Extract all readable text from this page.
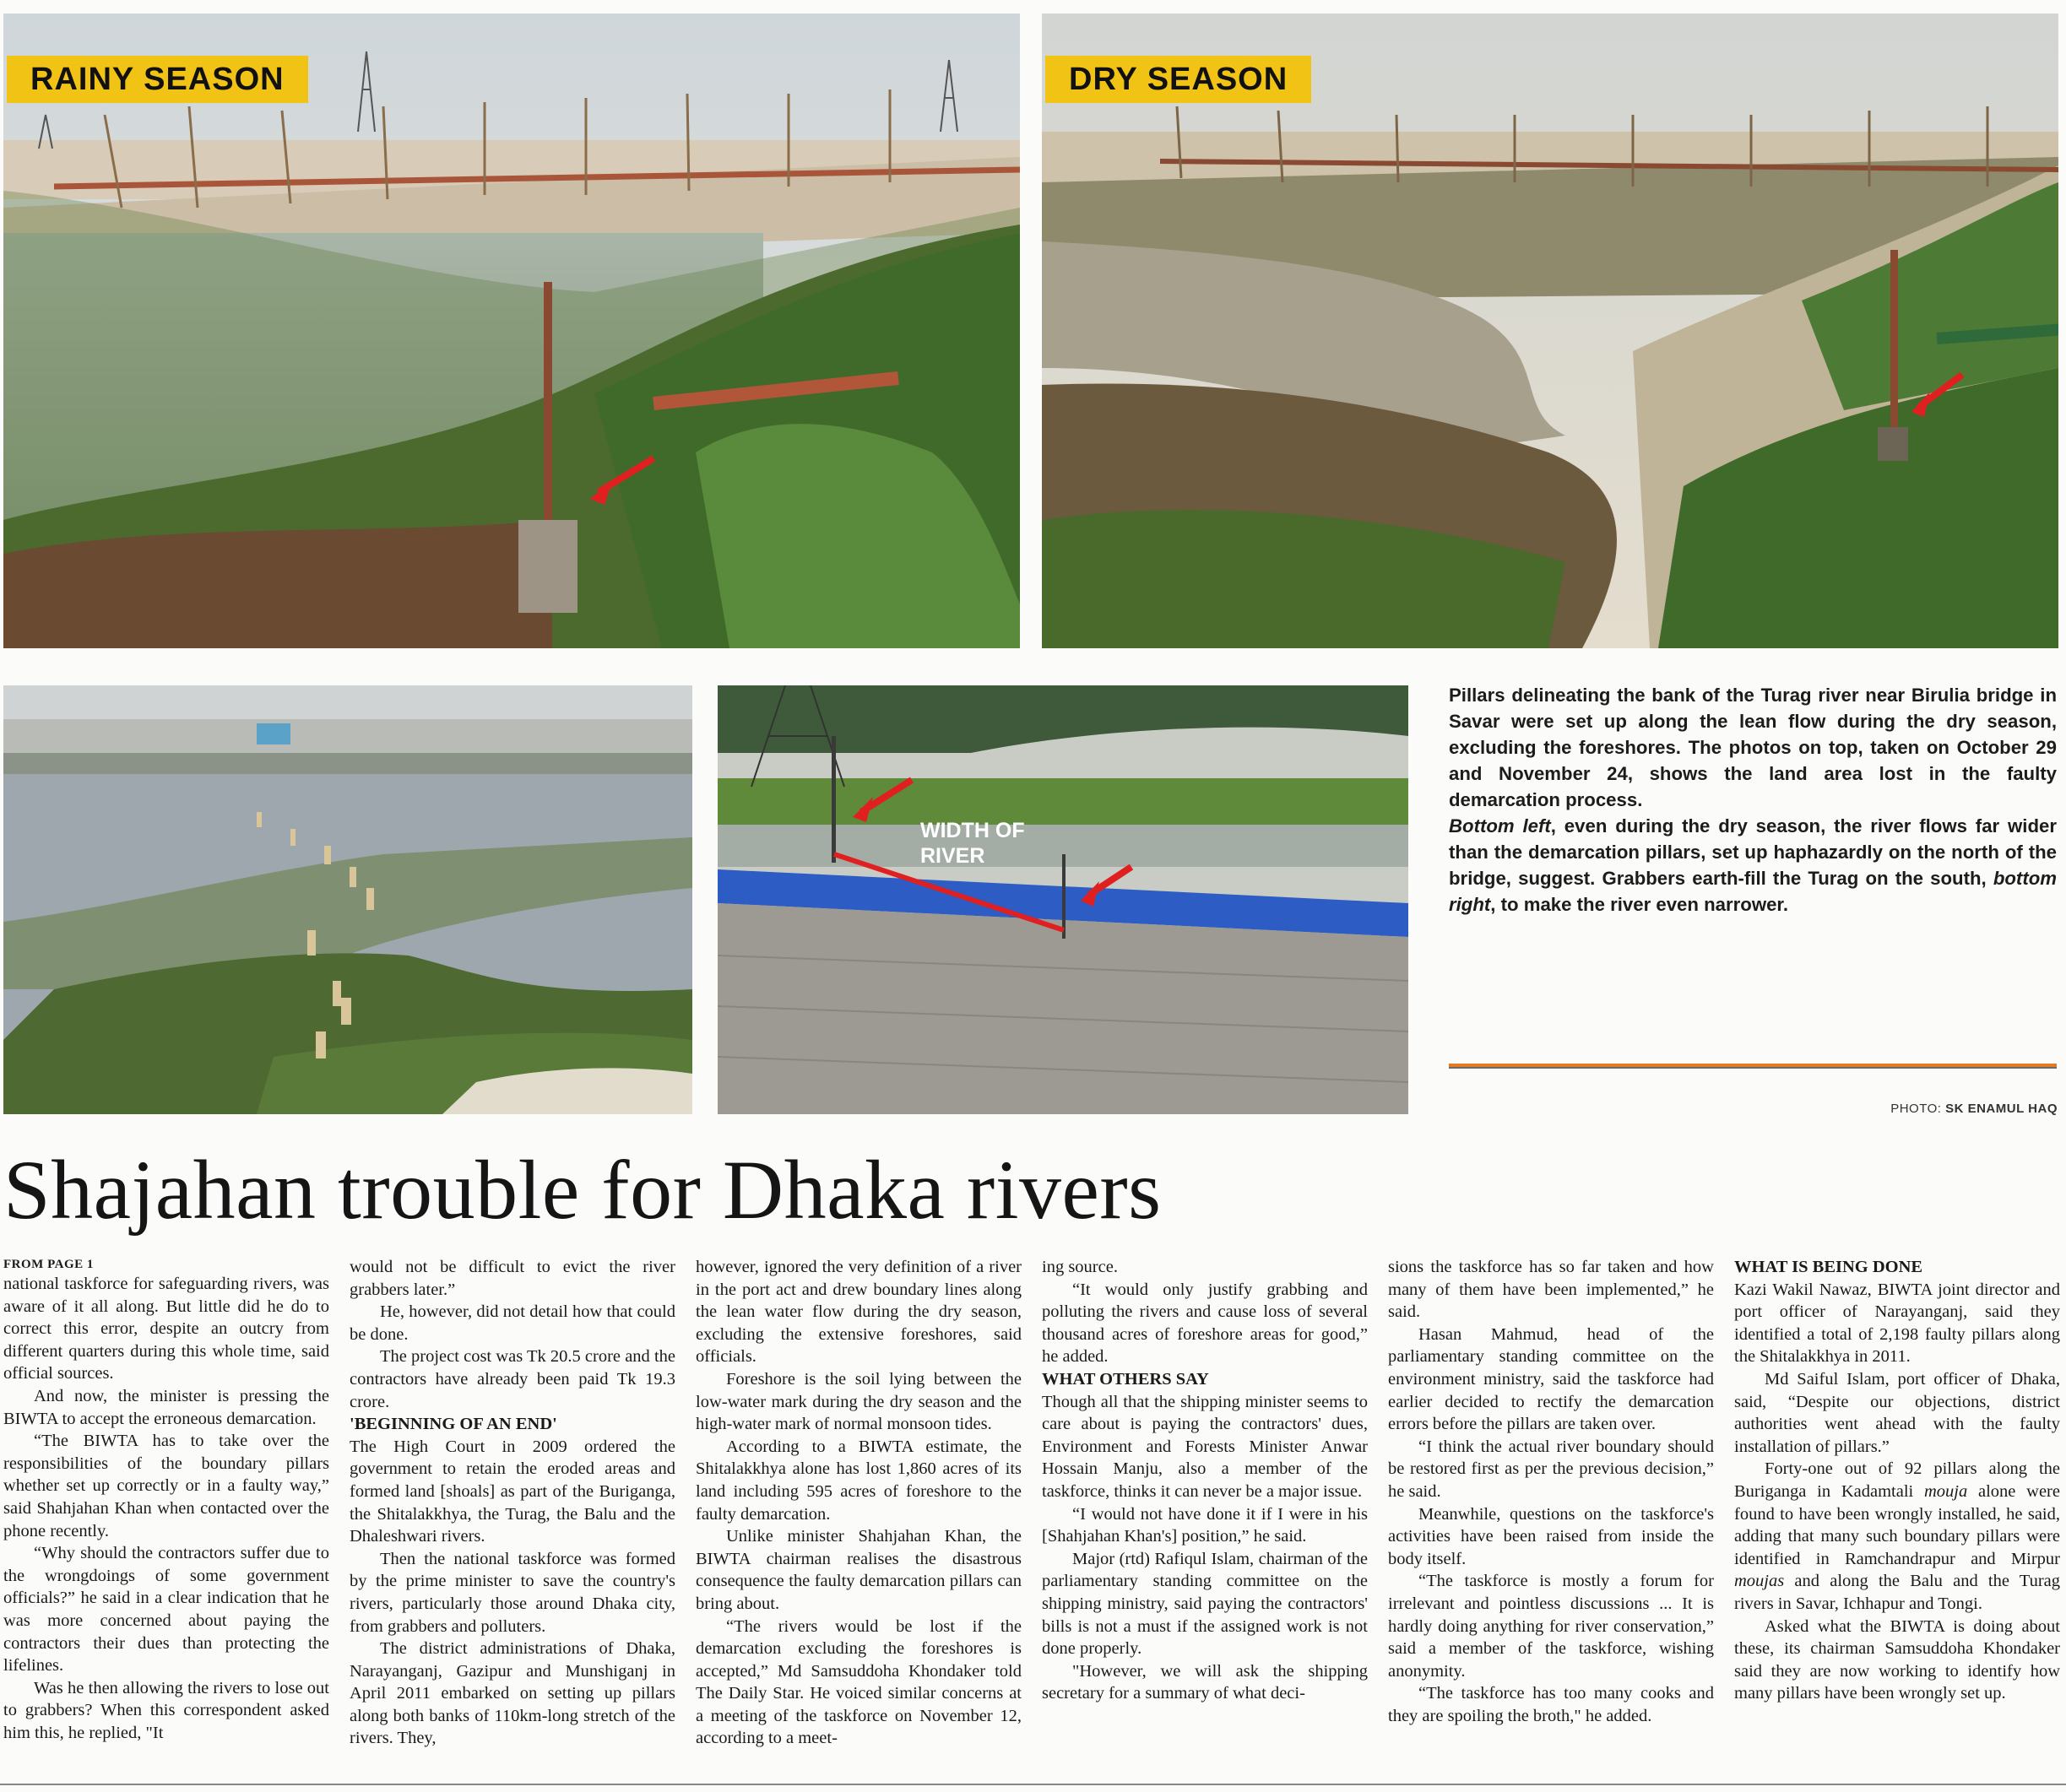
RAINY SEASON	DRY SEASON
WIDTH OF
RIVER

Pillars delineating the bank of the Turag river near Birulia bridge in Savar were set up along the lean flow during the dry season, excluding the foreshores. The photos on top, taken on October 29 and November 24, shows the land area lost in the faulty demarcation process.

Bottom left, even during the dry season, the river flows far wider than the demarcation pillars, set up haphazardly on the north of the bridge, suggest. Grabbers earth-fill the Turag on the south, bottom right, to make the river even narrower.

PHOTO: SK ENAMUL HAQ
Shajahan trouble for Dhaka rivers

FROM PAGE 1

national taskforce for safeguarding rivers, was aware of it all along. But little did he do to correct this error, despite an outcry from different quarters during this whole time, said official sources.

And now, the minister is pressing the BIWTA to accept the erroneous demarcation.

“The BIWTA has to take over the responsibilities of the boundary pillars whether set up correctly or in a faulty way,” said Shahjahan Khan when contacted over the phone recently.

“Why should the contractors suffer due to the wrongdoings of some government officials?” he said in a clear indication that he was more concerned about paying the contractors their dues than protecting the lifelines.

Was he then allowing the rivers to lose out to grabbers? When this correspondent asked him this, he replied, "It

would not be difficult to evict the river grabbers later.”

He, however, did not detail how that could be done.

The project cost was Tk 20.5 crore and the contractors have already been paid Tk 19.3 crore.

'BEGINNING OF AN END'

The High Court in 2009 ordered the government to retain the eroded areas and formed land [shoals] as part of the Buriganga, the Shitalakkhya, the Turag, the Balu and the Dhaleshwari rivers.

Then the national taskforce was formed by the prime minister to save the country's rivers, particularly those around Dhaka city, from grabbers and polluters.

The district administrations of Dhaka, Narayanganj, Gazipur and Munshiganj in April 2011 embarked on setting up pillars along both banks of 110km-long stretch of the rivers. They,

however, ignored the very definition of a river in the port act and drew boundary lines along the lean water flow during the dry season, excluding the extensive foreshores, said officials.

Foreshore is the soil lying between the low-water mark during the dry season and the high-water mark of normal monsoon tides.

According to a BIWTA estimate, the Shitalakkhya alone has lost 1,860 acres of its land including 595 acres of foreshore to the faulty demarcation.

Unlike minister Shahjahan Khan, the BIWTA chairman realises the disastrous consequence the faulty demarcation pillars can bring about.

“The rivers would be lost if the demarcation excluding the foreshores is accepted,” Md Samsuddoha Khondaker told The Daily Star. He voiced similar concerns at a meeting of the taskforce on November 12, according to a meet-

ing source.

“It would only justify grabbing and polluting the rivers and cause loss of several thousand acres of foreshore areas for good,” he added.

WHAT OTHERS SAY

Though all that the shipping minister seems to care about is paying the contractors' dues, Environment and Forests Minister Anwar Hossain Manju, also a member of the taskforce, thinks it can never be a major issue.

“I would not have done it if I were in his [Shahjahan Khan's] position,” he said.

Major (rtd) Rafiqul Islam, chairman of the parliamentary standing committee on the shipping ministry, said paying the contractors' bills is not a must if the assigned work is not done properly.

"However, we will ask the shipping secretary for a summary of what deci-

sions the taskforce has so far taken and how many of them have been implemented,” he said.

Hasan Mahmud, head of the parliamentary standing committee on the environment ministry, said the taskforce had earlier decided to rectify the demarcation errors before the pillars are taken over.

“I think the actual river boundary should be restored first as per the previous decision,” he said.

Meanwhile, questions on the taskforce's activities have been raised from inside the body itself.

“The taskforce is mostly a forum for irrelevant and pointless discussions ... It is hardly doing anything for river conservation,” said a member of the taskforce, wishing anonymity.

“The taskforce has too many cooks and they are spoiling the broth," he added.

WHAT IS BEING DONE

Kazi Wakil Nawaz, BIWTA joint director and port officer of Narayanganj, said they identified a total of 2,198 faulty pillars along the Shitalakkhya in 2011.

Md Saiful Islam, port officer of Dhaka, said, “Despite our objections, district authorities went ahead with the faulty installation of pillars.”

Forty-one out of 92 pillars along the Buriganga in Kadamtali mouja alone were found to have been wrongly installed, he said, adding that many such boundary pillars were identified in Ramchandrapur and Mirpur moujas and along the Balu and the Turag rivers in Savar, Ichhapur and Tongi.

Asked what the BIWTA is doing about these, its chairman Samsuddoha Khondaker said they are now working to identify how many pillars have been wrongly set up.
